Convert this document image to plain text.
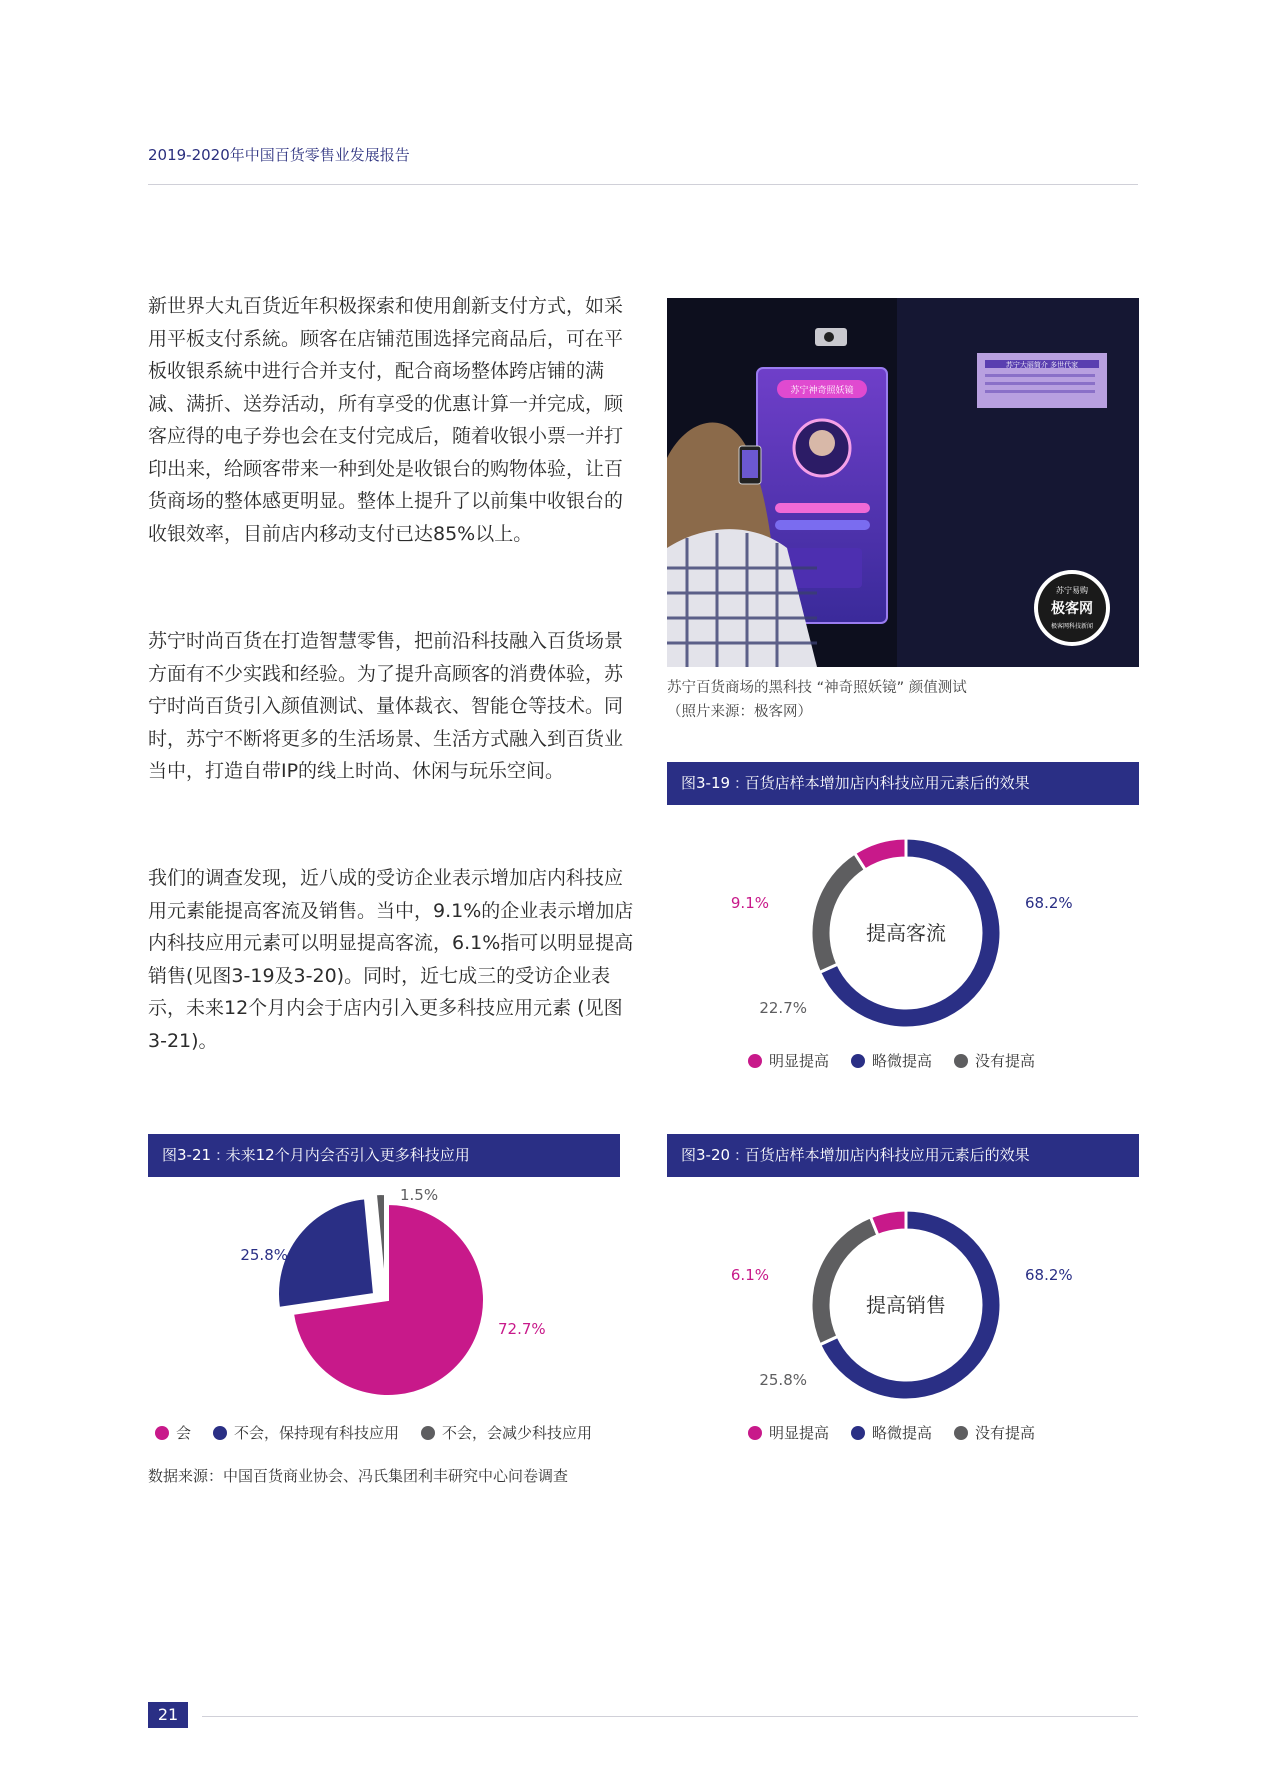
2019-2020年中国百货零售业发展报告

新世界大丸百货近年积极探索和使用創新支付方式，如采用平板支付系統。顾客在店铺范围选择完商品后，可在平板收银系統中进行合并支付，配合商场整体跨店铺的满减、满折、送券活动，所有享受的优惠计算一并完成，顾客应得的电子券也会在支付完成后，随着收银小票一并打印出来，给顾客带来一种到处是收银台的购物体验，让百货商场的整体感更明显。整体上提升了以前集中收银台的收银效率，目前店内移动支付已达85%以上。

苏宁时尚百货在打造智慧零售，把前沿科技融入百货场景方面有不少实践和经验。为了提升高顾客的消费体验，苏宁时尚百货引入颜值测试、量体裁衣、智能仓等技术。同时，苏宁不断将更多的生活场景、生活方式融入到百货业当中，打造自带IP的线上时尚、休闲与玩乐空间。

我们的调查发现，近八成的受访企业表示增加店内科技应用元素能提高客流及销售。当中，9.1%的企业表示增加店内科技应用元素可以明显提高客流，6.1%指可以明显提高销售(见图3-19及3-20)。同时，近七成三的受访企业表示，未来12个月内会于店内引入更多科技应用元素 (见图3-21)。

苏宁神奇照妖镜
苏宁大丽简介 多世代家
苏宁易购
极客网
极客网科技新闻
苏宁百货商场的黑科技 “神奇照妖镜” 颜值测试
（照片来源：极客网）
图3-19 : 百货店样本增加店内科技应用元素后的效果
提高客流
9.1%	68.2%
22.7%
明显提高	略微提高	没有提高
图3-21 : 未来12个月内会否引入更多科技应用
72.7%
25.8%
1.5%
会	不会，保持现有科技应用	不会，会减少科技应用
图3-20 : 百货店样本增加店内科技应用元素后的效果
提高销售
6.1%	68.2%
25.8%
明显提高	略微提高	没有提高
数据来源：中国百货商业协会、冯氏集团利丰研究中心问卷调查
21
